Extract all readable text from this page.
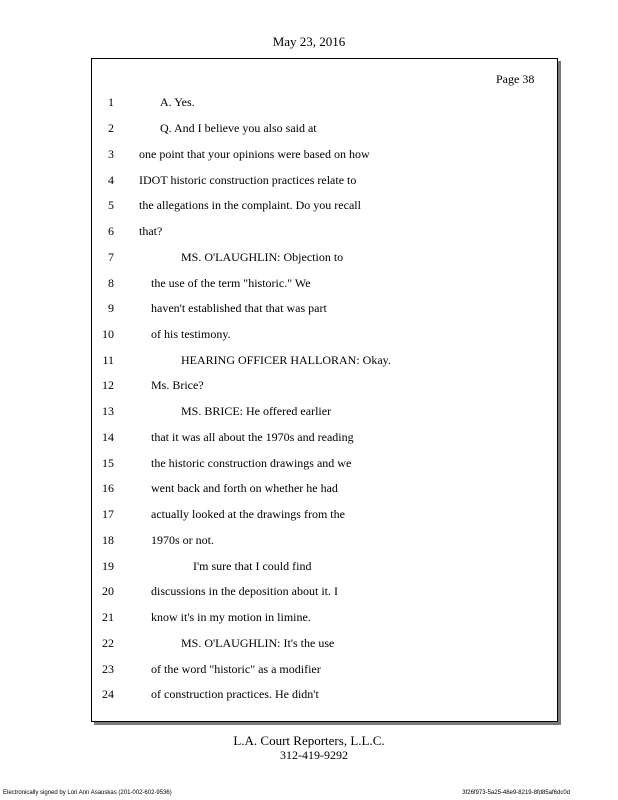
May 23, 2016
Page 38
1	A. Yes.
2	Q. And I believe you also said at
3 one point that your opinions were based on how
4 IDOT historic construction practices relate to
5 the allegations in the complaint. Do you recall
6 that?
7	MS. O'LAUGHLIN: Objection to
8	the use of the term "historic." We
9	haven't established that that was part
10	of his testimony.
11	HEARING OFFICER HALLORAN: Okay.
12	Ms. Brice?
13	MS. BRICE: He offered earlier
14	that it was all about the 1970s and reading
15	the historic construction drawings and we
16	went back and forth on whether he had
17	actually looked at the drawings from the
18	1970s or not.
19	I'm sure that I could find
20	discussions in the deposition about it. I
21	know it's in my motion in limine.
22	MS. O'LAUGHLIN: It's the use
23	of the word "historic" as a modifier
24	of construction practices. He didn't
L.A. Court Reporters, L.L.C.
312-419-9292
Electronically signed by Lori Ann Asauskas (201-002-602-9536)	3f26f973-5a25-48e9-8219-8fd85af6dc0d
